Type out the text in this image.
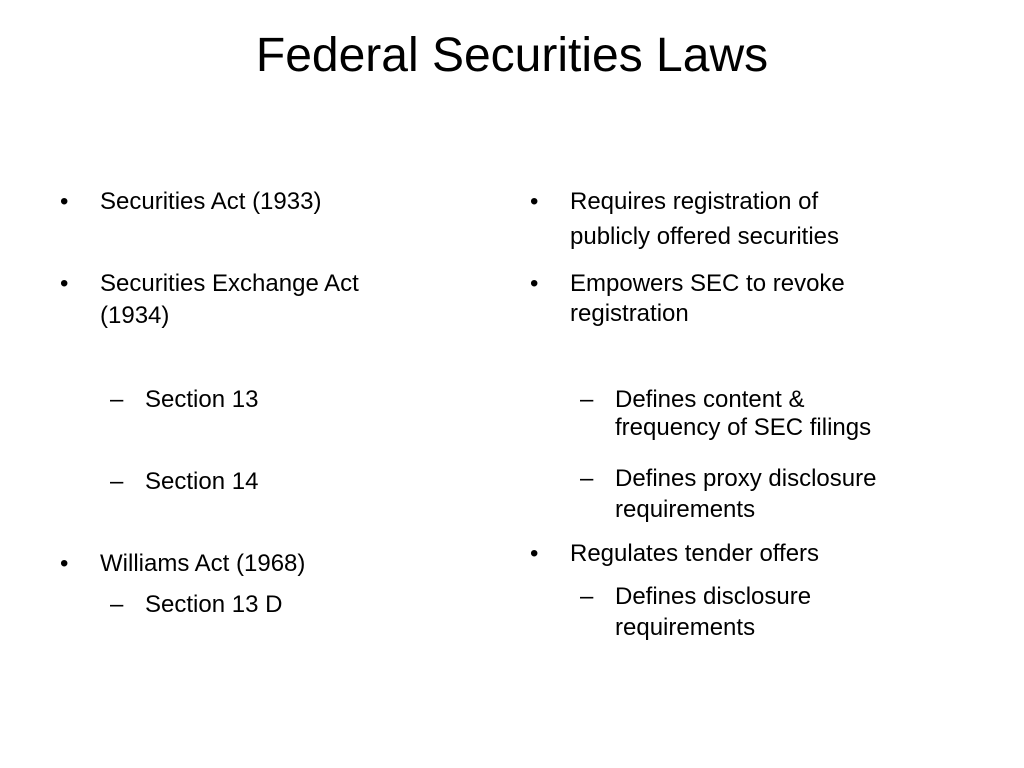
Federal Securities Laws
• Securities Act (1933)
• Securities Exchange Act
(1934)
– Section 13
– Section 14
• Williams Act (1968)
– Section 13 D
• Requires registration of
publicly offered securities
• Empowers SEC to revoke
registration
– Defines content &
frequency of SEC filings
– Defines proxy disclosure
requirements
• Regulates tender offers
– Defines disclosure
requirements
